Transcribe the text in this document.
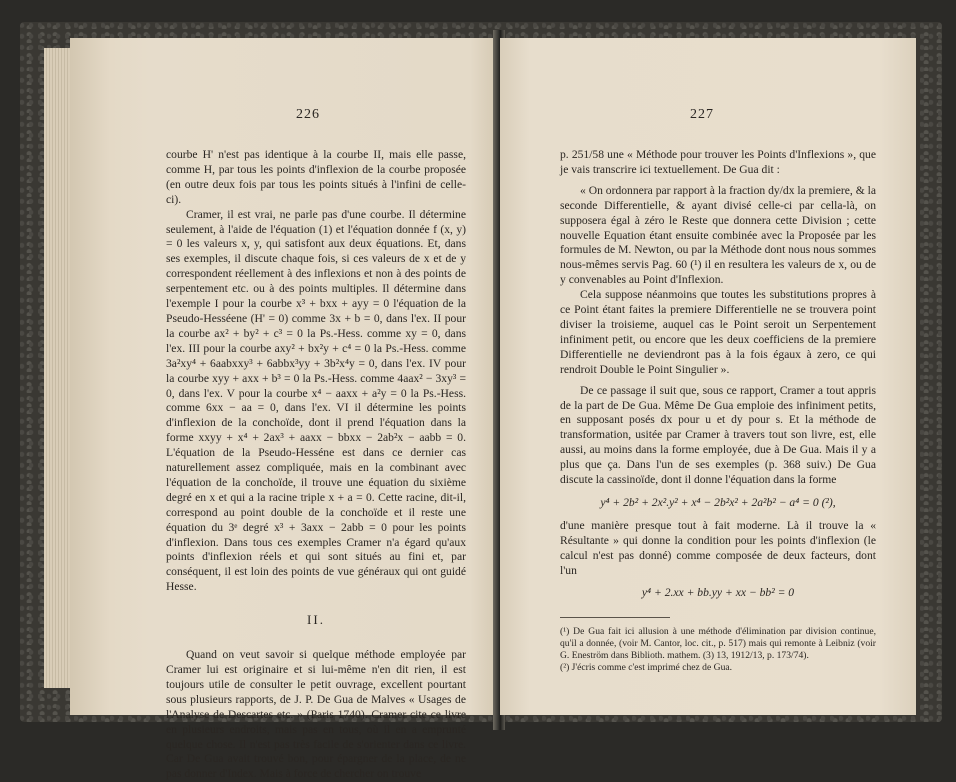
226

courbe H' n'est pas identique à la courbe II, mais elle passe, comme H, par tous les points d'inflexion de la courbe proposée (en outre deux fois par tous les points situés à l'infini de celle-ci).

Cramer, il est vrai, ne parle pas d'une courbe. Il détermine seulement, à l'aide de l'équation (1) et l'équation donnée f (x, y) = 0 les valeurs x, y, qui satisfont aux deux équations. Et, dans ses exemples, il discute chaque fois, si ces valeurs de x et de y correspondent réellement à des inflexions et non à des points de serpentement etc. ou à des points multiples. Il détermine dans l'exemple I pour la courbe x³ + bxx + ayy = 0 l'équation de la Pseudo-Hesséene (H' = 0) comme 3x + b = 0, dans l'ex. II pour la courbe ax² + by² + c³ = 0 la Ps.-Hess. comme xy = 0, dans l'ex. III pour la courbe axy² + bx²y + c⁴ = 0 la Ps.-Hess. comme 3a²xy⁴ + 6aabxxy³ + 6abbx³yy + 3b²x⁴y = 0, dans l'ex. IV pour la courbe xyy + axx + b³ = 0 la Ps.-Hess. comme 4aax² − 3xy³ = 0, dans l'ex. V pour la courbe x⁴ − aaxx + a²y = 0 la Ps.-Hess. comme 6xx − aa = 0, dans l'ex. VI il détermine les points d'inflexion de la conchoïde, dont il prend l'équation dans la forme xxyy + x⁴ + 2ax³ + aaxx − bbxx − 2ab²x − aabb = 0. L'équation de la Pseudo-Hesséne est dans ce dernier cas naturellement assez compliquée, mais en la combinant avec l'équation de la conchoïde, il trouve une équation du sixième degré en x et qui a la racine triple x + a = 0. Cette racine, dit-il, correspond au point double de la conchoïde et il reste une équation du 3ᵉ degré x³ + 3axx − 2abb = 0 pour les points d'inflexion. Dans tous ces exemples Cramer n'a égard qu'aux points d'inflexion réels et qui sont situés au fini et, par conséquent, il est loin des points de vue généraux qui ont guidé Hesse.

II.

Quand on veut savoir si quelque méthode employée par Cramer lui est originaire et si lui-même n'en dit rien, il est toujours utile de consulter le petit ouvrage, excellent pourtant sous plusieurs rapports, de J. P. De Gua de Malves « Usages de l'Analyse de Descartes etc. » (Paris 1740). Cramer cite ce livre en plusieurs endroits, mais pas en tous, où il en a emprunté quelque chose. Il n'est pas très facile de s'orienter dans ce livre. Car De Gua avait trouvé bon, pour épargner de la place, de ne pas donner d'Index. Mais à force de chercher on trouve

227

p. 251/58 une « Méthode pour trouver les Points d'Inflexions », que je vais transcrire ici textuellement. De Gua dit :

« On ordonnera par rapport à la fraction dy/dx la premiere, & la seconde Differentielle, & ayant divisé celle-ci par cella-là, on supposera égal à zéro le Reste que donnera cette Division ; cette nouvelle Equation étant ensuite combinée avec la Proposée par les formules de M. Newton, ou par la Méthode dont nous nous sommes nous-mêmes servis Pag. 60 (¹) il en resultera les valeurs de x, ou de y convenables au Point d'Inflexion.

Cela suppose néanmoins que toutes les substitutions propres à ce Point étant faites la premiere Differentielle ne se trouvera point diviser la troisieme, auquel cas le Point seroit un Serpentement infiniment petit, ou encore que les deux coefficiens de la premiere Differentielle ne deviendront pas à la fois égaux à zero, ce qui rendroit Double le Point Singulier ».

De ce passage il suit que, sous ce rapport, Cramer a tout appris de la part de De Gua. Même De Gua emploie des infiniment petits, en supposant posés dx pour u et dy pour s. Et la méthode de transformation, usitée par Cramer à travers tout son livre, est, elle aussi, au moins dans la forme employée, due à De Gua. Mais il y a plus que ça. Dans l'un de ses exemples (p. 368 suiv.) De Gua discute la cassinoïde, dont il donne l'équation dans la forme

y⁴ + 2b² + 2x².y² + x⁴ − 2b²x² + 2a²b² − a⁴ = 0 (²),

d'une manière presque tout à fait moderne. Là il trouve la « Résultante » qui donne la condition pour les points d'inflexion (le calcul n'est pas donné) comme composée de deux facteurs, dont l'un

y⁴ + 2.xx + bb.yy + xx − bb² = 0

(¹) De Gua fait ici allusion à une méthode d'élimination par division continue, qu'il a donnée, (voir M. Cantor, loc. cit., p. 517) mais qui remonte à Leibniz (voir G. Eneström dans Biblioth. mathem. (3) 13, 1912/13, p. 173/74).

(²) J'écris comme c'est imprimé chez de Gua.
